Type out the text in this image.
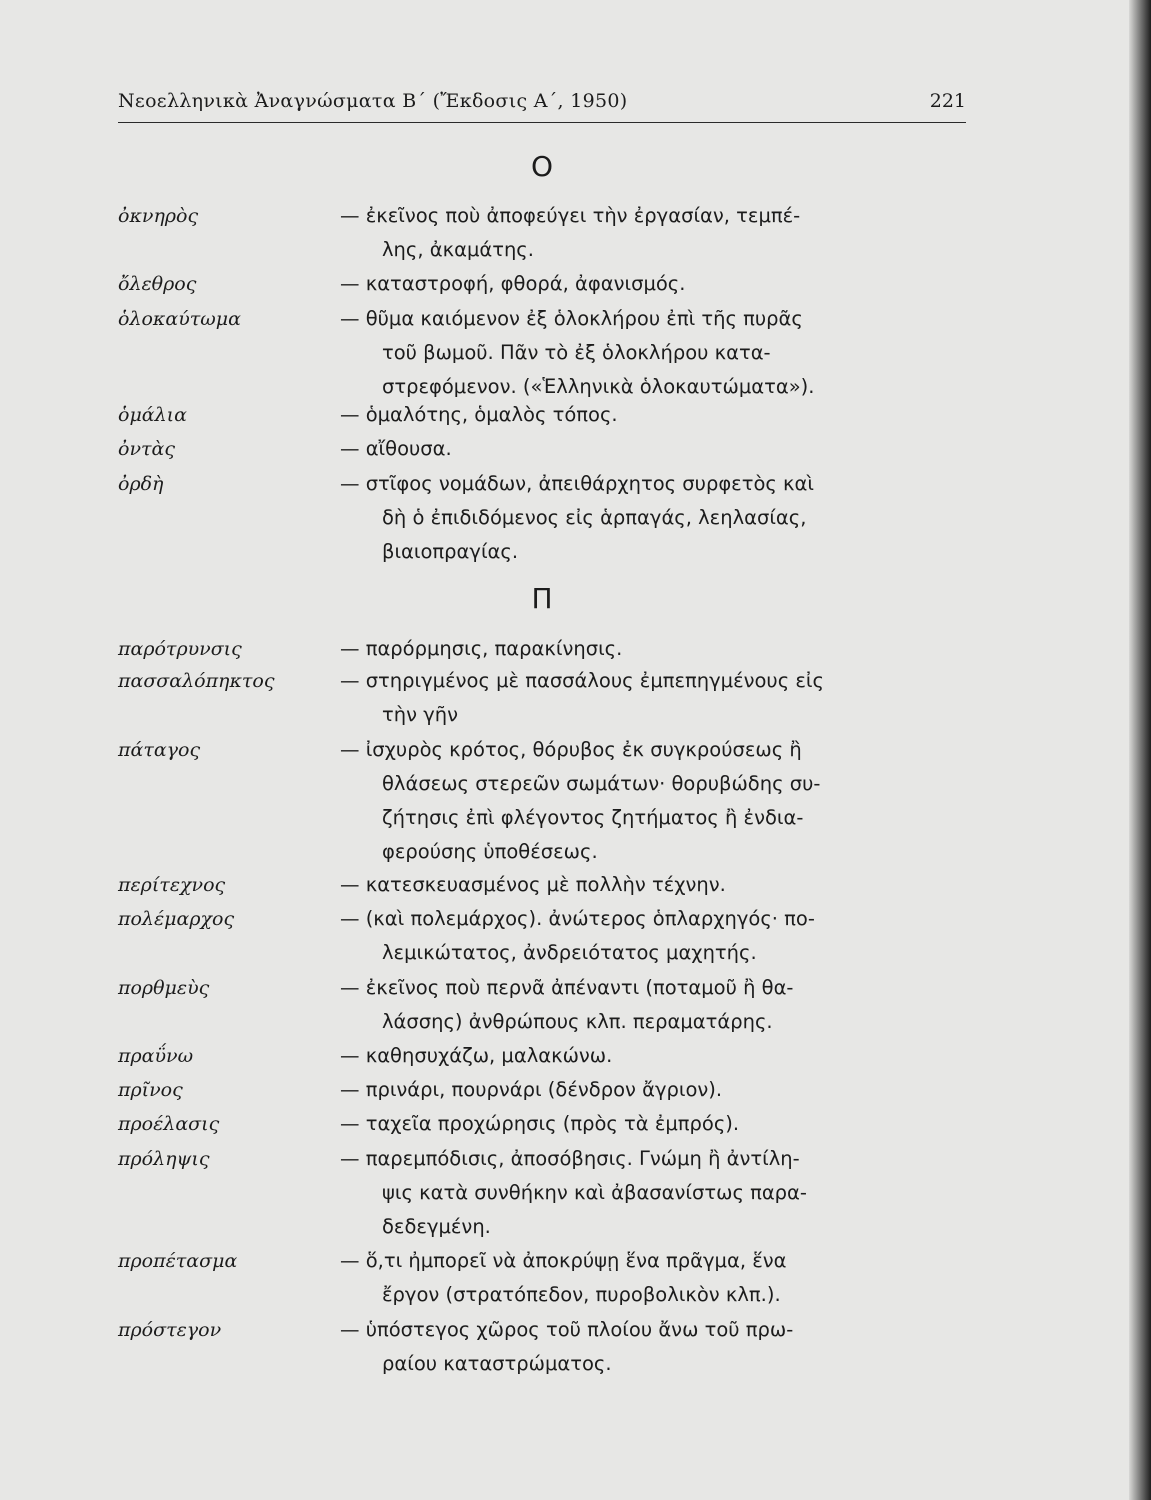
Νεοελληνικὰ Ἀναγνώσματα Β΄ (Ἔκδοσις Α΄, 1950)	221
Ο
ὀκνηρὸς	— ἐκεῖνος ποὺ ἀποφεύγει τὴν ἐργασίαν, τεμπέ-
λης, ἀκαμάτης.
ὄλεθρος	— καταστροφή, φθορά, ἀφανισμός.
ὁλοκαύτωμα	— θῦμα καιόμενον ἐξ ὁλοκλήρου ἐπὶ τῆς πυρᾶς
τοῦ βωμοῦ. Πᾶν τὸ ἐξ ὁλοκλήρου κατα-
στρεφόμενον. («Ἑλληνικὰ ὁλοκαυτώματα»).
ὁμάλια	— ὁμαλότης, ὁμαλὸς τόπος.
ὀντὰς	— αἴθουσα.
ὀρδὴ	— στῖφος νομάδων, ἀπειθάρχητος συρφετὸς καὶ
δὴ ὁ ἐπιδιδόμενος εἰς ἁρπαγάς, λεηλασίας,
βιαιοπραγίας.
Π
παρότρυνσις	— παρόρμησις, παρακίνησις.
πασσαλόπηκτος	— στηριγμένος μὲ πασσάλους ἐμπεπηγμένους εἰς
τὴν γῆν
πάταγος	— ἰσχυρὸς κρότος, θόρυβος ἐκ συγκρούσεως ἢ
θλάσεως στερεῶν σωμάτων· θορυβώδης συ-
ζήτησις ἐπὶ φλέγοντος ζητήματος ἢ ἐνδια-
φερούσης ὑποθέσεως.
περίτεχνος	— κατεσκευασμένος μὲ πολλὴν τέχνην.
πολέμαρχος	— (καὶ πολεμάρχος). ἀνώτερος ὁπλαρχηγός· πο-
λεμικώτατος, ἀνδρειότατος μαχητής.
πορθμεὺς	— ἐκεῖνος ποὺ περνᾶ ἀπέναντι (ποταμοῦ ἢ θα-
λάσσης) ἀνθρώπους κλπ. περαματάρης.
πραΰνω	— καθησυχάζω, μαλακώνω.
πρῖνος	— πρινάρι, πουρνάρι (δένδρον ἄγριον).
προέλασις	— ταχεῖα προχώρησις (πρὸς τὰ ἐμπρός).
πρόληψις	— παρεμπόδισις, ἀποσόβησις. Γνώμη ἢ ἀντίλη-
ψις κατὰ συνθήκην καὶ ἀβασανίστως παρα-
δεδεγμένη.
προπέτασμα	— ὅ,τι ἠμπορεῖ νὰ ἀποκρύψῃ ἕνα πρᾶγμα, ἕνα
ἔργον (στρατόπεδον, πυροβολικὸν κλπ.).
πρόστεγον	— ὑπόστεγος χῶρος τοῦ πλοίου ἄνω τοῦ πρω-
ραίου καταστρώματος.
